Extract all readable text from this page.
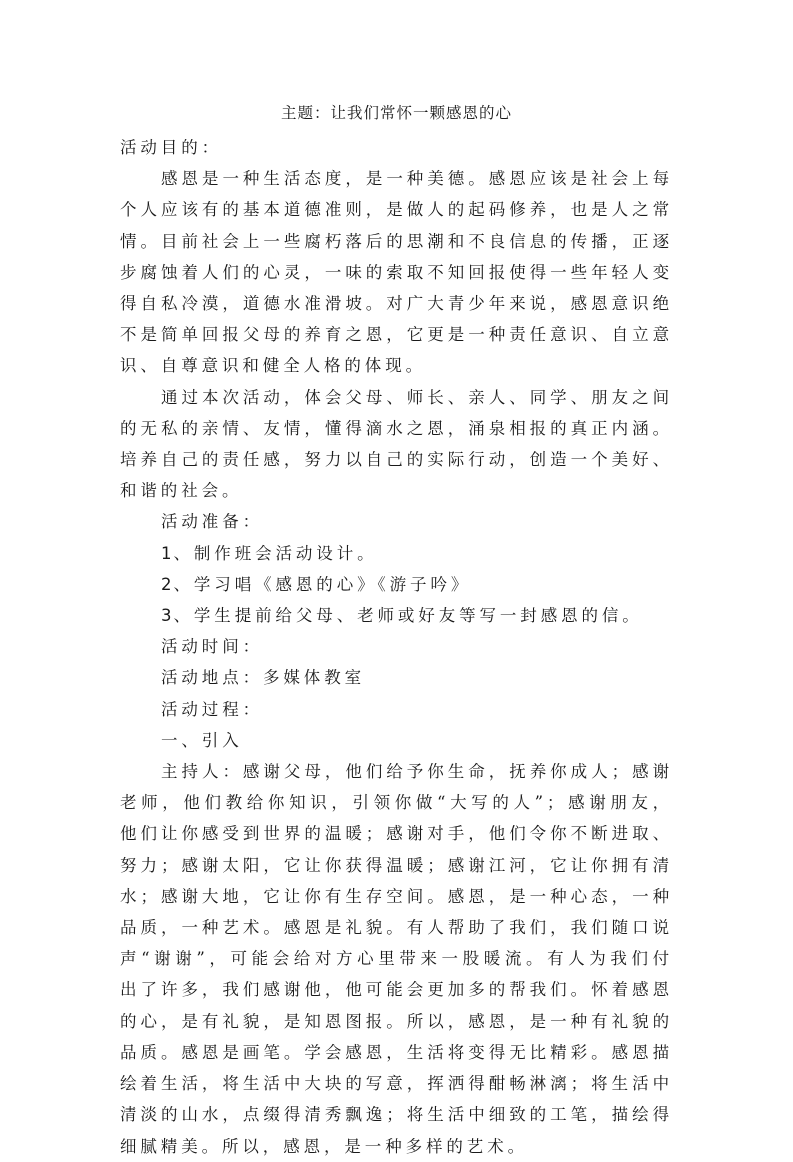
主题：让我们常怀一颗感恩的心
活动目的：

感恩是一种生活态度，是一种美德。感恩应该是社会上每个人应该有的基本道德准则，是做人的起码修养，也是人之常情。目前社会上一些腐朽落后的思潮和不良信息的传播，正逐步腐蚀着人们的心灵，一味的索取不知回报使得一些年轻人变得自私冷漠，道德水准滑坡。对广大青少年来说，感恩意识绝不是简单回报父母的养育之恩，它更是一种责任意识、自立意识、自尊意识和健全人格的体现。

通过本次活动，体会父母、师长、亲人、同学、朋友之间的无私的亲情、友情，懂得滴水之恩，涌泉相报的真正内涵。培养自己的责任感，努力以自己的实际行动，创造一个美好、和谐的社会。

活动准备：
1、制作班会活动设计。
2、学习唱《感恩的心》《游子吟》
3、学生提前给父母、老师或好友等写一封感恩的信。
活动时间：
活动地点：多媒体教室
活动过程：
一、引入

主持人：感谢父母，他们给予你生命，抚养你成人；感谢老师，他们教给你知识，引领你做“大写的人”；感谢朋友，他们让你感受到世界的温暖；感谢对手，他们令你不断进取、努力；感谢太阳，它让你获得温暖；感谢江河，它让你拥有清水；感谢大地，它让你有生存空间。感恩，是一种心态，一种品质，一种艺术。感恩是礼貌。有人帮助了我们，我们随口说声“谢谢”，可能会给对方心里带来一股暖流。有人为我们付出了许多，我们感谢他，他可能会更加多的帮我们。怀着感恩的心，是有礼貌，是知恩图报。所以，感恩，是一种有礼貌的品质。感恩是画笔。学会感恩，生活将变得无比精彩。感恩描绘着生活，将生活中大块的写意，挥洒得酣畅淋漓；将生活中清淡的山水，点缀得清秀飘逸；将生活中细致的工笔，描绘得细腻精美。所以，感恩，是一种多样的艺术。
